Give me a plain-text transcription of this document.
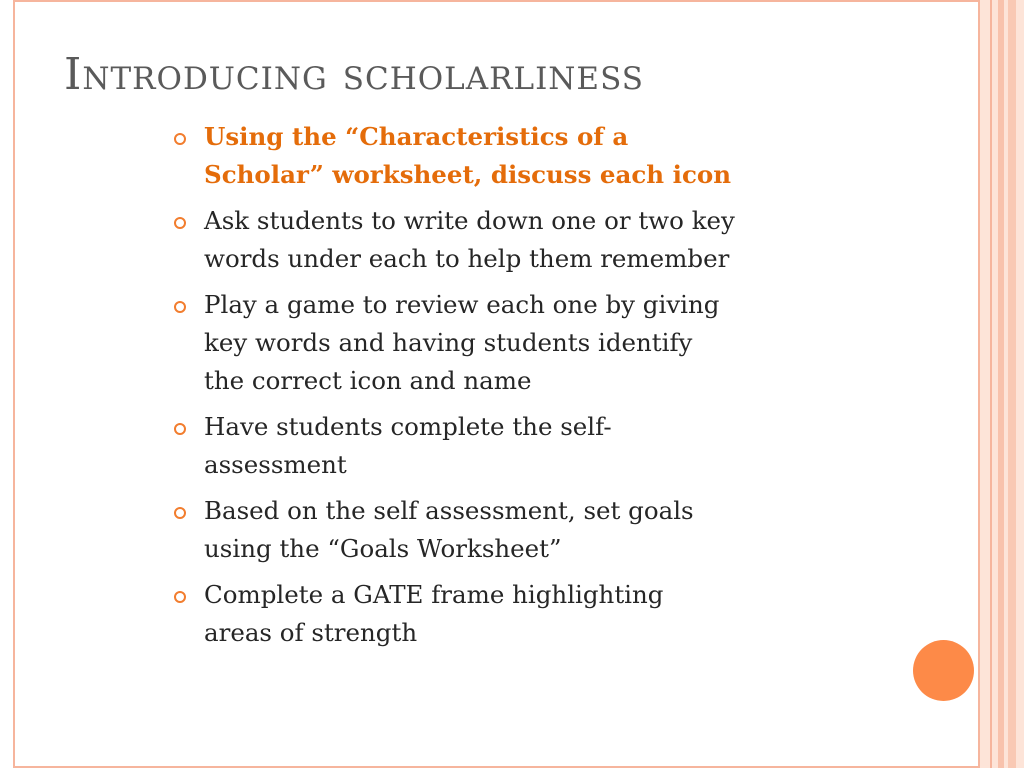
Introducing scholarliness
Using the “Characteristics of a
Scholar” worksheet, discuss each icon
Ask students to write down one or two key
words under each to help them remember
Play a game to review each one by giving
key words and having students identify
the correct icon and name
Have students complete the self-
assessment
Based on the self assessment, set goals
using the “Goals Worksheet”
Complete a GATE frame highlighting
areas of strength
